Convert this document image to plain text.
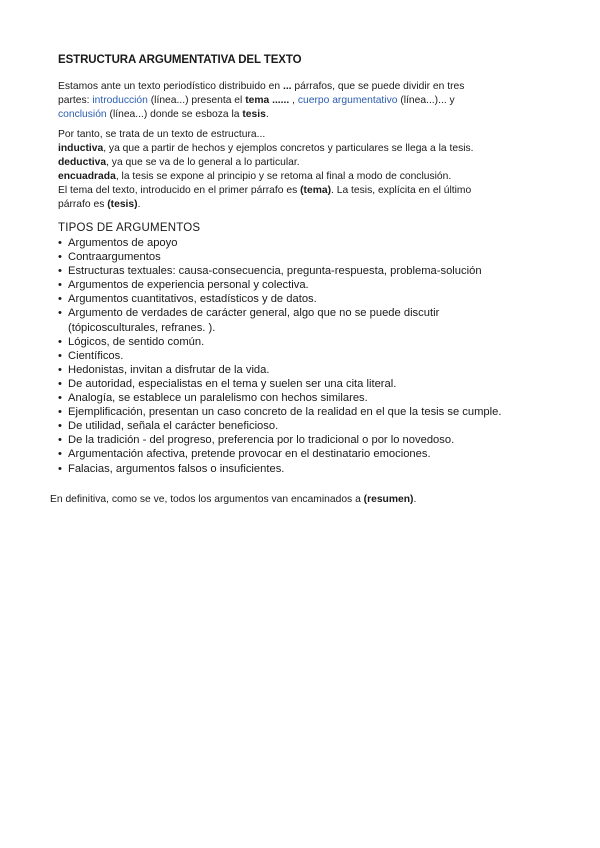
ESTRUCTURA ARGUMENTATIVA DEL TEXTO
Estamos ante un texto periodístico distribuido en ... párrafos, que se puede dividir en tres
partes: introducción (línea...) presenta el tema ...... , cuerpo argumentativo (línea...)... y
conclusión (línea...) donde se esboza la tesis.
Por tanto, se trata de un texto de estructura...
inductiva, ya que a partir de hechos y ejemplos concretos y particulares se llega a la tesis.
deductiva, ya que se va de lo general a lo particular.
encuadrada, la tesis se expone al principio y se retoma al final a modo de conclusión.
El tema del texto, introducido en el primer párrafo es (tema). La tesis, explícita en el último
párrafo es (tesis).
TIPOS DE ARGUMENTOS
• Argumentos de apoyo
• Contraargumentos
• Estructuras textuales: causa-consecuencia, pregunta-respuesta, problema-solución
• Argumentos de experiencia personal y colectiva.
• Argumentos cuantitativos, estadísticos y de datos.
• Argumento de verdades de carácter general, algo que no se puede discutir (tópicosculturales, refranes. ).
• Lógicos, de sentido común.
• Científicos.
• Hedonistas, invitan a disfrutar de la vida.
• De autoridad, especialistas en el tema y suelen ser una cita literal.
• Analogía, se establece un paralelismo con hechos similares.
• Ejemplificación, presentan un caso concreto de la realidad en el que la tesis se cumple.
• De utilidad, señala el carácter beneficioso.
• De la tradición - del progreso, preferencia por lo tradicional o por lo novedoso.
• Argumentación afectiva, pretende provocar en el destinatario emociones.
• Falacias, argumentos falsos o insuficientes.
En definitiva, como se ve, todos los argumentos van encaminados a (resumen).
